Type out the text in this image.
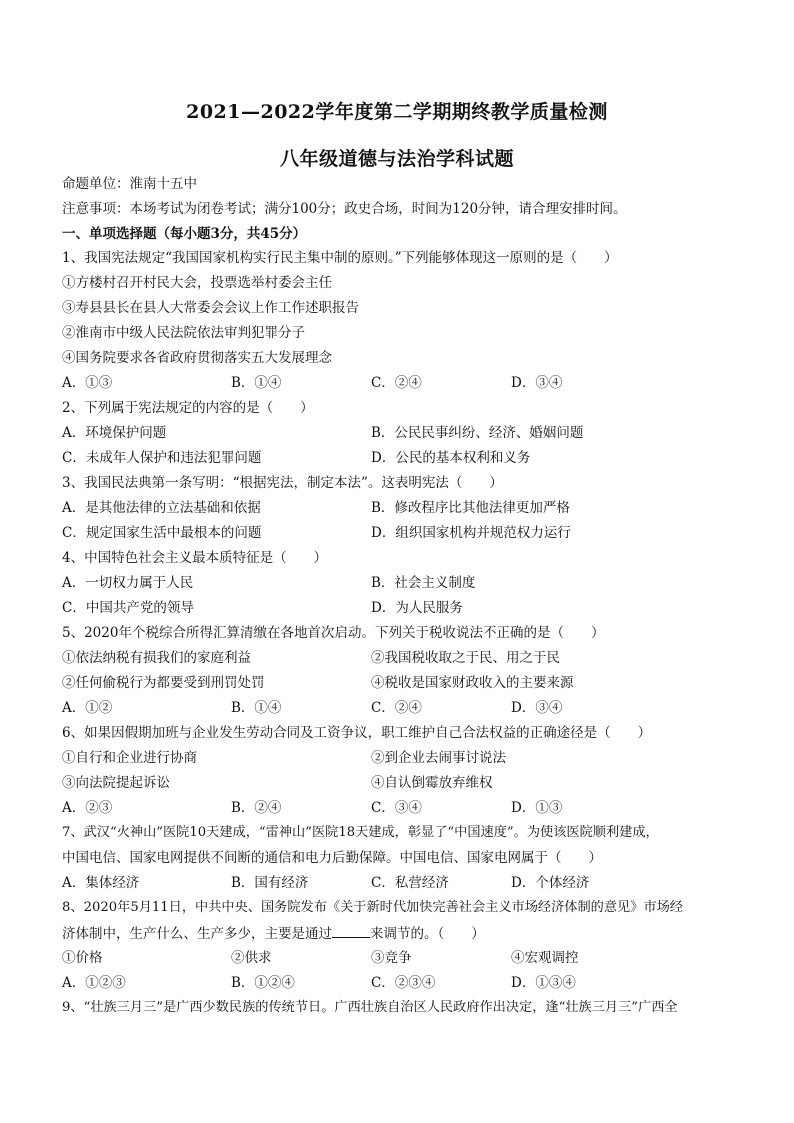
2021—2022学年度第二学期期终教学质量检测
八年级道德与法治学科试题
命题单位：淮南十五中
注意事项：本场考试为闭卷考试；满分100分；政史合场，时间为120分钟，请合理安排时间。
一、单项选择题（每小题3分，共45分）
1、我国宪法规定“我国国家机构实行民主集中制的原则。”下列能够体现这一原则的是（　　）
①方楼村召开村民大会，投票选举村委会主任
③寿县县长在县人大常委会会议上作工作述职报告
②淮南市中级人民法院依法审判犯罪分子
④国务院要求各省政府贯彻落实五大发展理念
A．①③	B．①④	C．②④	D．③④
2、下列属于宪法规定的内容的是（　　）
A．环境保护问题	B．公民民事纠纷、经济、婚姻问题
C．未成年人保护和违法犯罪问题	D．公民的基本权利和义务
3、我国民法典第一条写明：“根据宪法，制定本法”。这表明宪法（　　）
A．是其他法律的立法基础和依据	B．修改程序比其他法律更加严格
C．规定国家生活中最根本的问题	D．组织国家机构并规范权力运行
4、中国特色社会主义最本质特征是（　　）
A．一切权力属于人民	B．社会主义制度
C．中国共产党的领导	D．为人民服务
5、2020年个税综合所得汇算清缴在各地首次启动。下列关于税收说法不正确的是（　　）
①依法纳税有损我们的家庭利益	②我国税收取之于民、用之于民
②任何偷税行为都要受到刑罚处罚	④税收是国家财政收入的主要来源
A．①②	B．①④	C．②④	D．③④
6、如果因假期加班与企业发生劳动合同及工资争议，职工维护自己合法权益的正确途径是（　　）
①自行和企业进行协商	②到企业去闹事讨说法
③向法院提起诉讼	④自认倒霉放弃维权
A．②③	B．②④	C．③④	D．①③
7、武汉“火神山”医院10天建成，“雷神山”医院18天建成，彰显了“中国速度”。为使该医院顺利建成，
中国电信、国家电网提供不间断的通信和电力后勤保障。中国电信、国家电网属于（　　）
A．集体经济	B．国有经济	C．私营经济	D．个体经济
8、2020年5月11日，中共中央、国务院发布《关于新时代加快完善社会主义市场经济体制的意见》市场经
济体制中，生产什么、生产多少，主要是通过	来调节的。（　　）
①价格	②供求	③竞争	④宏观调控
A．①②③	B．①②④	C．②③④	D．①③④
9、“壮族三月三”是广西少数民族的传统节日。广西壮族自治区人民政府作出决定，逢“壮族三月三”广西全
